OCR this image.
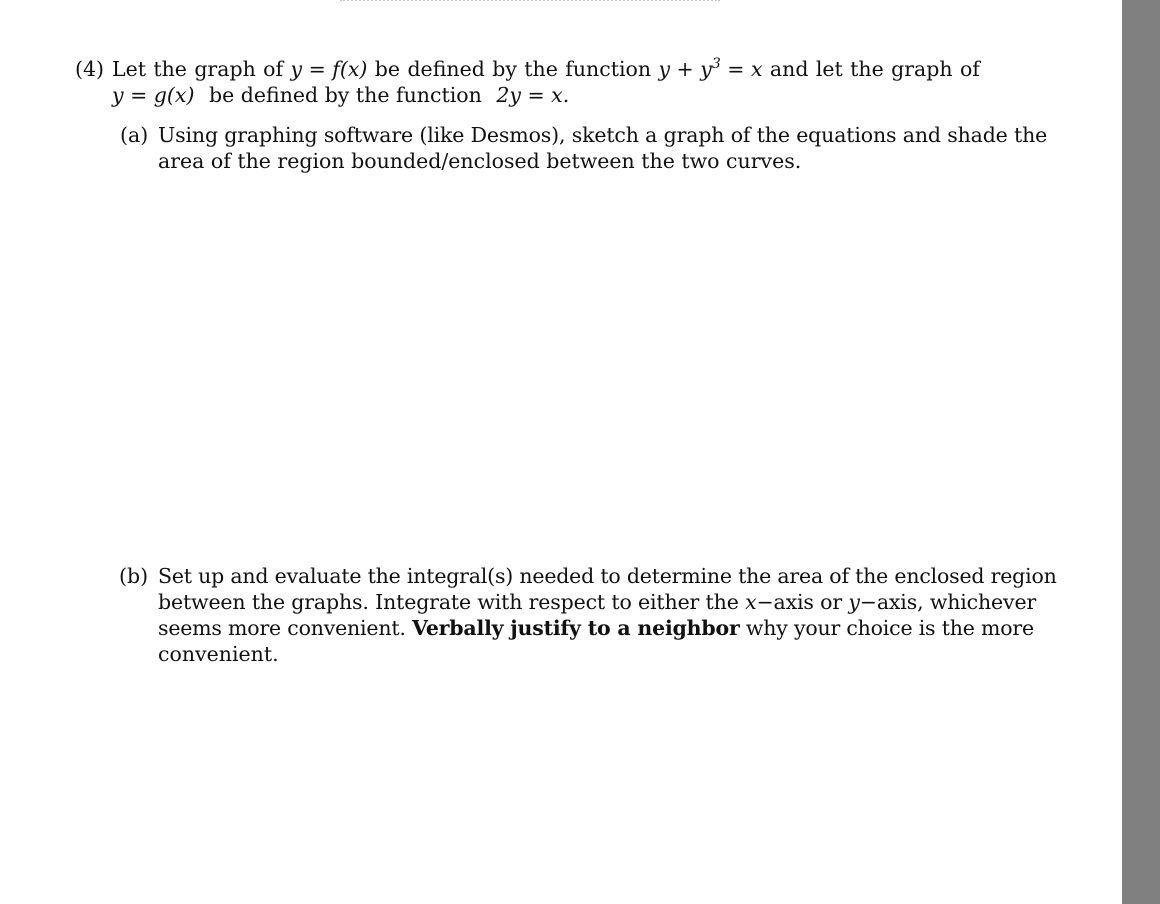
(4) Let the graph of y = f(x) be defined by the function $y + y^3 = x$ and let the graph of
y = g(x) be defined by the function 2y = x.
(a) Using graphing software (like Desmos), sketch a graph of the equations and shade the
area of the region bounded/enclosed between the two curves.
(b) Set up and evaluate the integral(s) needed to determine the area of the enclosed region
between the graphs. Integrate with respect to either the x−axis or y−axis, whichever
seems more convenient. Verbally justify to a neighbor why your choice is the more
convenient.
